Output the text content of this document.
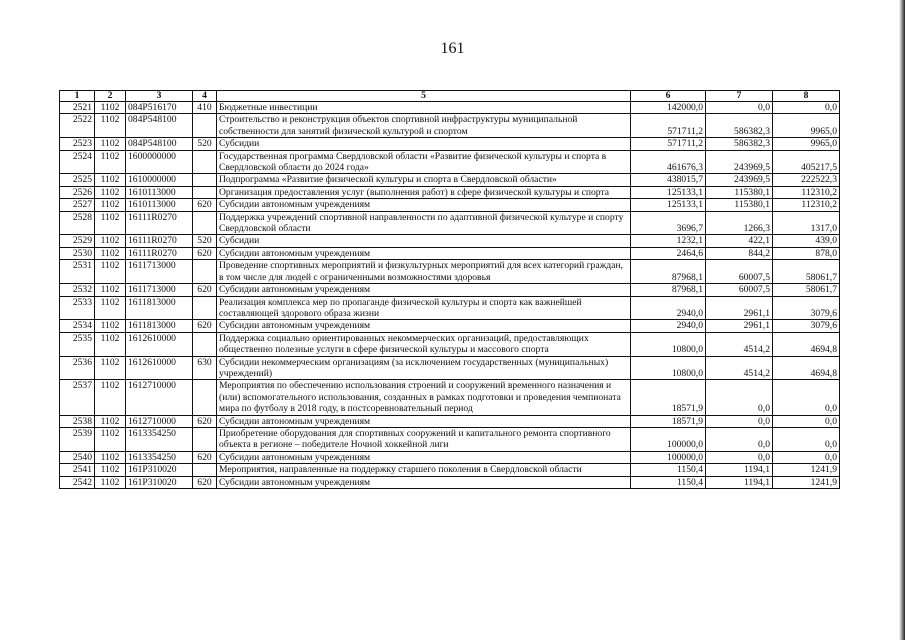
161
1	2	3	4	5	6	7	8
2521	1102	084P516170	410	Бюджетные инвестиции	142000,0	0,0	0,0
2522	1102	084P548100		Строительство и реконструкция объектов спортивной инфраструктуры муниципальной собственности для занятий физической культурой и спортом	571711,2	586382,3	9965,0
2523	1102	084P548100	520	Субсидии	571711,2	586382,3	9965,0
2524	1102	1600000000		Государственная программа Свердловской области «Развитие физической культуры и спорта в Свердловской области до 2024 года»	461676,3	243969,5	405217,5
2525	1102	1610000000		Подпрограмма «Развитие физической культуры и спорта в Свердловской области»	438015,7	243969,5	222522,3
2526	1102	1610113000		Организация предоставления услуг (выполнения работ) в сфере физической культуры и спорта	125133,1	115380,1	112310,2
2527	1102	1610113000	620	Субсидии автономным учреждениям	125133,1	115380,1	112310,2
2528	1102	16111R0270		Поддержка учреждений спортивной направленности по адаптивной физической культуре и спорту Свердловской области	3696,7	1266,3	1317,0
2529	1102	16111R0270	520	Субсидии	1232,1	422,1	439,0
2530	1102	16111R0270	620	Субсидии автономным учреждениям	2464,6	844,2	878,0
2531	1102	1611713000		Проведение спортивных мероприятий и физкультурных мероприятий для всех категорий граждан, в том числе для людей с ограниченными возможностями здоровья	87968,1	60007,5	58061,7
2532	1102	1611713000	620	Субсидии автономным учреждениям	87968,1	60007,5	58061,7
2533	1102	1611813000		Реализация комплекса мер по пропаганде физической культуры и спорта как важнейшей составляющей здорового образа жизни	2940,0	2961,1	3079,6
2534	1102	1611813000	620	Субсидии автономным учреждениям	2940,0	2961,1	3079,6
2535	1102	1612610000		Поддержка социально ориентированных некоммерческих организаций, предоставляющих общественно полезные услуги в сфере физической культуры и массового спорта	10800,0	4514,2	4694,8
2536	1102	1612610000	630	Субсидии некоммерческим организациям (за исключением государственных (муниципальных) учреждений)	10800,0	4514,2	4694,8
2537	1102	1612710000		Мероприятия по обеспечению использования строений и сооружений временного назначения и (или) вспомогательного использования, созданных в рамках подготовки и проведения чемпионата мира по футболу в 2018 году, в постсоревновательный период	18571,9	0,0	0,0
2538	1102	1612710000	620	Субсидии автономным учреждениям	18571,9	0,0	0,0
2539	1102	1613354250		Приобретение оборудования для спортивных сооружений и капитального ремонта спортивного объекта в регионе – победителе Ночной хоккейной лиги	100000,0	0,0	0,0
2540	1102	1613354250	620	Субсидии автономным учреждениям	100000,0	0,0	0,0
2541	1102	161P310020		Мероприятия, направленные на поддержку старшего поколения в Свердловской области	1150,4	1194,1	1241,9
2542	1102	161P310020	620	Субсидии автономным учреждениям	1150,4	1194,1	1241,9
